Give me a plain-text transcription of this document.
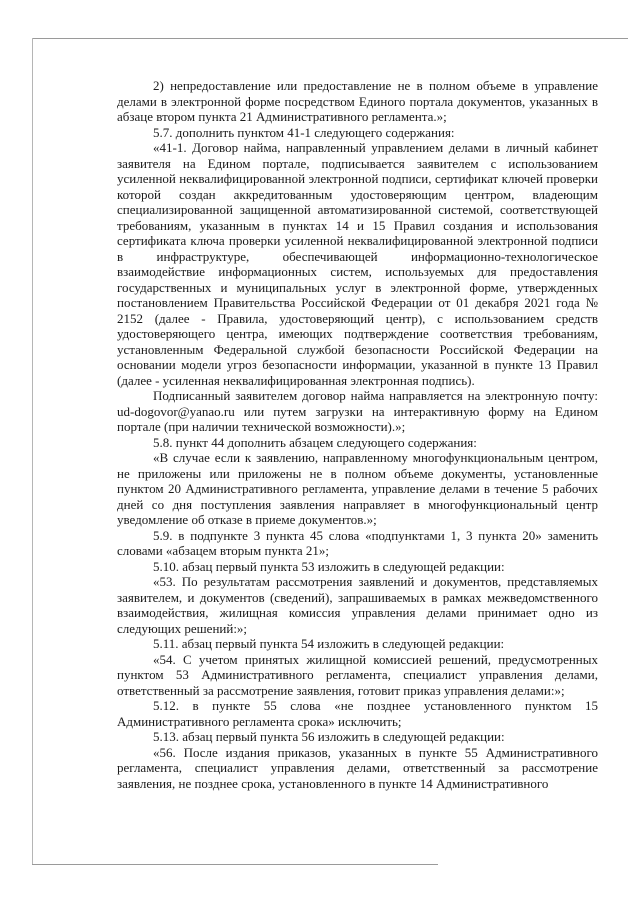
2) непредоставление или предоставление не в полном объеме в управление делами в электронной форме посредством Единого портала документов, указанных в абзаце втором пункта 21 Административного регламента.»;

5.7. дополнить пунктом 41-1 следующего содержания:

«41-1. Договор найма, направленный управлением делами в личный кабинет заявителя на Едином портале, подписывается заявителем с использованием усиленной неквалифицированной электронной подписи, сертификат ключей проверки которой создан аккредитованным удостоверяющим центром, владеющим специализированной защищенной автоматизированной системой, соответствующей требованиям, указанным в пунктах 14 и 15 Правил создания и использования сертификата ключа проверки усиленной неквалифицированной электронной подписи в инфраструктуре, обеспечивающей информационно-технологическое взаимодействие информационных систем, используемых для предоставления государственных и муниципальных услуг в электронной форме, утвержденных постановлением Правительства Российской Федерации от 01 декабря 2021 года № 2152 (далее - Правила, удостоверяющий центр), с использованием средств удостоверяющего центра, имеющих подтверждение соответствия требованиям, установленным Федеральной службой безопасности Российской Федерации на основании модели угроз безопасности информации, указанной в пункте 13 Правил (далее - усиленная неквалифицированная электронная подпись).

Подписанный заявителем договор найма направляется на электронную почту: ud-dogovor@yanao.ru или путем загрузки на интерактивную форму на Едином портале (при наличии технической возможности).»;

5.8. пункт 44 дополнить абзацем следующего содержания:

«В случае если к заявлению, направленному многофункциональным центром, не приложены или приложены не в полном объеме документы, установленные пунктом 20 Административного регламента, управление делами в течение 5 рабочих дней со дня поступления заявления направляет в многофункциональный центр уведомление об отказе в приеме документов.»;

5.9. в подпункте 3 пункта 45 слова «подпунктами 1, 3 пункта 20» заменить словами «абзацем вторым пункта 21»;

5.10. абзац первый пункта 53 изложить в следующей редакции:

«53. По результатам рассмотрения заявлений и документов, представляемых заявителем, и документов (сведений), запрашиваемых в рамках межведомственного взаимодействия, жилищная комиссия управления делами принимает одно из следующих решений:»;

5.11. абзац первый пункта 54 изложить в следующей редакции:

«54. С учетом принятых жилищной комиссией решений, предусмотренных пунктом 53 Административного регламента, специалист управления делами, ответственный за рассмотрение заявления, готовит приказ управления делами:»;

5.12. в пункте 55 слова «не позднее установленного пунктом 15 Административного регламента срока» исключить;

5.13. абзац первый пункта 56 изложить в следующей редакции:

«56. После издания приказов, указанных в пункте 55 Административного регламента, специалист управления делами, ответственный за рассмотрение заявления, не позднее срока, установленного в пункте 14 Административного
